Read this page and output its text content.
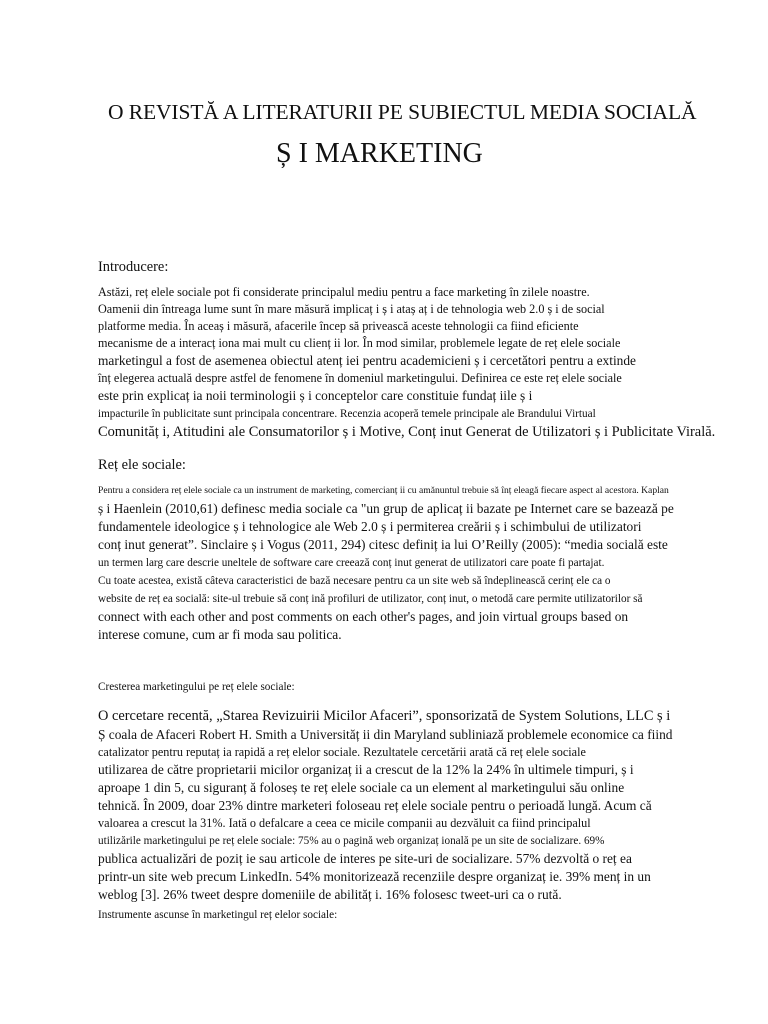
O REVISTĂ A LITERATURII PE SUBIECTUL MEDIA SOCIALĂ
Ș I MARKETING
Introducere:
Astăzi, reț elele sociale pot fi considerate principalul mediu pentru a face marketing în zilele noastre.
Oamenii din întreaga lume sunt în mare măsură implicaț i ș i ataș aț i de tehnologia web 2.0 ș i de social
platforme media. În aceaș i măsură, afacerile încep să privească aceste tehnologii ca fiind eficiente
mecanisme de a interacț iona mai mult cu clienț ii lor. În mod similar, problemele legate de reț elele sociale
marketingul a fost de asemenea obiectul atenț iei pentru academicieni ș i cercetători pentru a extinde
înț elegerea actuală despre astfel de fenomene în domeniul marketingului. Definirea ce este reț elele sociale
este prin explicaț ia noii terminologii ș i conceptelor care constituie fundaț iile ș i
impacturile în publicitate sunt principala concentrare. Recenzia acoperă temele principale ale Brandului Virtual
Comunităț i, Atitudini ale Consumatorilor ș i Motive, Conț inut Generat de Utilizatori ș i Publicitate Virală.
Reț ele sociale:
Pentru a considera reț elele sociale ca un instrument de marketing, comercianț ii cu amănuntul trebuie să înț eleagă fiecare aspect al acestora. Kaplan
ș i Haenlein (2010,61) definesc media sociale ca "un grup de aplicaț ii bazate pe Internet care se bazează pe
fundamentele ideologice ș i tehnologice ale Web 2.0 ș i permiterea creării ș i schimbului de utilizatori
conț inut generat”. Sinclaire ș i Vogus (2011, 294) citesc definiț ia lui O’Reilly (2005): “media socială este
un termen larg care descrie uneltele de software care creează conț inut generat de utilizatori care poate fi partajat.
Cu toate acestea, există câteva caracteristici de bază necesare pentru ca un site web să îndeplinească cerinț ele ca o
website de reț ea socială: site-ul trebuie să conț ină profiluri de utilizator, conț inut, o metodă care permite utilizatorilor să
connect with each other and post comments on each other's pages, and join virtual groups based on
interese comune, cum ar fi moda sau politica.
Cresterea marketingului pe reț elele sociale:
O cercetare recentă, „Starea Revizuirii Micilor Afaceri”, sponsorizată de System Solutions, LLC ș i
Ș coala de Afaceri Robert H. Smith a Universităț ii din Maryland subliniază problemele economice ca fiind
catalizator pentru reputaț ia rapidă a reț elelor sociale. Rezultatele cercetării arată că reț elele sociale
utilizarea de către proprietarii micilor organizaț ii a crescut de la 12% la 24% în ultimele timpuri, ș i
aproape 1 din 5, cu siguranț ă foloseș te reț elele sociale ca un element al marketingului său online
tehnică. În 2009, doar 23% dintre marketeri foloseau reț elele sociale pentru o perioadă lungă. Acum că
valoarea a crescut la 31%. Iată o defalcare a ceea ce micile companii au dezvăluit ca fiind principalul
utilizările marketingului pe reț elele sociale: 75% au o pagină web organizaț ională pe un site de socializare. 69%
publica actualizări de poziț ie sau articole de interes pe site-uri de socializare. 57% dezvoltă o reț ea
printr-un site web precum LinkedIn. 54% monitorizează recenziile despre organizaț ie. 39% menț in un
weblog [3]. 26% tweet despre domeniile de abilităț i. 16% folosesc tweet-uri ca o rută.
Instrumente ascunse în marketingul reț elelor sociale:
